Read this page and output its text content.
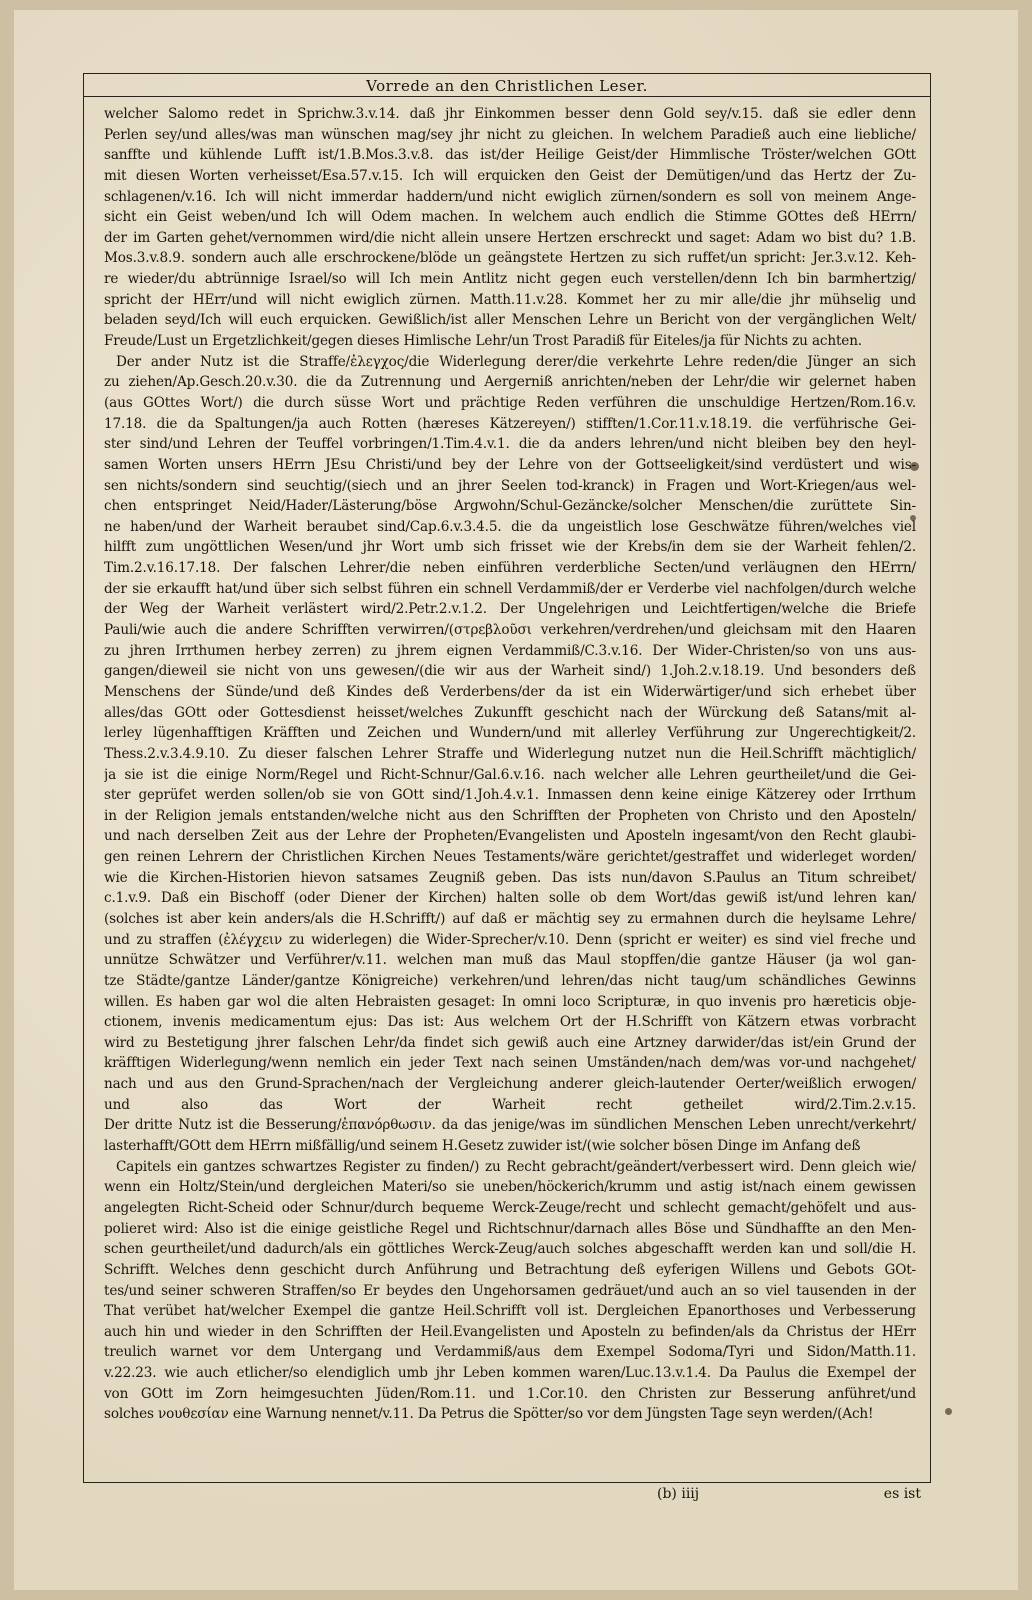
Vorrede an den Christlichen Leser.
welcher Salomo redet in Sprichw.3.v.14. daß jhr Einkommen besser denn Gold sey/v.15. daß sie edler denn
Perlen sey/und alles/was man wünschen mag/sey jhr nicht zu gleichen. In welchem Paradieß auch eine liebliche/
sanffte und kühlende Lufft ist/1.B.Mos.3.v.8. das ist/der Heilige Geist/der Himmlische Tröster/welchen GOtt
mit diesen Worten verheisset/Esa.57.v.15. Ich will erquicken den Geist der Demütigen/und das Hertz der Zu-
schlagenen/v.16. Ich will nicht immerdar haddern/und nicht ewiglich zürnen/sondern es soll von meinem Ange-
sicht ein Geist weben/und Ich will Odem machen. In welchem auch endlich die Stimme GOttes deß HErrn/
der im Garten gehet/vernommen wird/die nicht allein unsere Hertzen erschreckt und saget: Adam wo bist du? 1.B.
Mos.3.v.8.9. sondern auch alle erschrockene/blöde un geängstete Hertzen zu sich ruffet/un spricht: Jer.3.v.12. Keh-
re wieder/du abtrünnige Israel/so will Ich mein Antlitz nicht gegen euch verstellen/denn Ich bin barmhertzig/
spricht der HErr/und will nicht ewiglich zürnen. Matth.11.v.28. Kommet her zu mir alle/die jhr mühselig und
beladen seyd/Ich will euch erquicken. Gewißlich/ist aller Menschen Lehre un Bericht von der vergänglichen Welt/
Freude/Lust un Ergetzlichkeit/gegen dieses Himlische Lehr/un Trost Paradiß für Eiteles/ja für Nichts zu achten.
Der ander Nutz ist die Straffe/ἐλεγχος/die Widerlegung derer/die verkehrte Lehre reden/die Jünger an sich
zu ziehen/Ap.Gesch.20.v.30. die da Zutrennung und Aergerniß anrichten/neben der Lehr/die wir gelernet haben
(aus GOttes Wort/) die durch süsse Wort und prächtige Reden verführen die unschuldige Hertzen/Rom.16.v.
17.18. die da Spaltungen/ja auch Rotten (hæreses Kätzereyen/) stifften/1.Cor.11.v.18.19. die verführische Gei-
ster sind/und Lehren der Teuffel vorbringen/1.Tim.4.v.1. die da anders lehren/und nicht bleiben bey den heyl-
samen Worten unsers HErrn JEsu Christi/und bey der Lehre von der Gottseeligkeit/sind verdüstert und wis-
sen nichts/sondern sind seuchtig/(siech und an jhrer Seelen tod-kranck) in Fragen und Wort-Kriegen/aus wel-
chen entspringet Neid/Hader/Lästerung/böse Argwohn/Schul-Gezäncke/solcher Menschen/die zurüttete Sin-
ne haben/und der Warheit beraubet sind/Cap.6.v.3.4.5. die da ungeistlich lose Geschwätze führen/welches viel
hilfft zum ungöttlichen Wesen/und jhr Wort umb sich frisset wie der Krebs/in dem sie der Warheit fehlen/2.
Tim.2.v.16.17.18. Der falschen Lehrer/die neben einführen verderbliche Secten/und verläugnen den HErrn/
der sie erkaufft hat/und über sich selbst führen ein schnell Verdammiß/der er Verderbe viel nachfolgen/durch welche
der Weg der Warheit verlästert wird/2.Petr.2.v.1.2. Der Ungelehrigen und Leichtfertigen/welche die Briefe
Pauli/wie auch die andere Schrifften verwirren/(στρεβλοῦσι verkehren/verdrehen/und gleichsam mit den Haaren
zu jhren Irrthumen herbey zerren) zu jhrem eignen Verdammiß/C.3.v.16. Der Wider-Christen/so von uns aus-
gangen/dieweil sie nicht von uns gewesen/(die wir aus der Warheit sind/) 1.Joh.2.v.18.19. Und besonders deß
Menschens der Sünde/und deß Kindes deß Verderbens/der da ist ein Widerwärtiger/und sich erhebet über
alles/das GOtt oder Gottesdienst heisset/welches Zukunfft geschicht nach der Würckung deß Satans/mit al-
lerley lügenhafftigen Kräfften und Zeichen und Wundern/und mit allerley Verführung zur Ungerechtigkeit/2.
Thess.2.v.3.4.9.10. Zu dieser falschen Lehrer Straffe und Widerlegung nutzet nun die Heil.Schrifft mächtiglich/
ja sie ist die einige Norm/Regel und Richt-Schnur/Gal.6.v.16. nach welcher alle Lehren geurtheilet/und die Gei-
ster geprüfet werden sollen/ob sie von GOtt sind/1.Joh.4.v.1. Inmassen denn keine einige Kätzerey oder Irrthum
in der Religion jemals entstanden/welche nicht aus den Schrifften der Propheten von Christo und den Aposteln/
und nach derselben Zeit aus der Lehre der Propheten/Evangelisten und Aposteln ingesamt/von den Recht glaubi-
gen reinen Lehrern der Christlichen Kirchen Neues Testaments/wäre gerichtet/gestraffet und widerleget worden/
wie die Kirchen-Historien hievon satsames Zeugniß geben. Das ists nun/davon S.Paulus an Titum schreibet/
c.1.v.9. Daß ein Bischoff (oder Diener der Kirchen) halten solle ob dem Wort/das gewiß ist/und lehren kan/
(solches ist aber kein anders/als die H.Schrifft/) auf daß er mächtig sey zu ermahnen durch die heylsame Lehre/
und zu straffen (ἐλέγχειν zu widerlegen) die Wider-Sprecher/v.10. Denn (spricht er weiter) es sind viel freche und
unnütze Schwätzer und Verführer/v.11. welchen man muß das Maul stopffen/die gantze Häuser (ja wol gan-
tze Städte/gantze Länder/gantze Königreiche) verkehren/und lehren/das nicht taug/um schändliches Gewinns
willen. Es haben gar wol die alten Hebraisten gesaget: In omni loco Scripturæ, in quo invenis pro hæreticis obje-
ctionem, invenis medicamentum ejus: Das ist: Aus welchem Ort der H.Schrifft von Kätzern etwas vorbracht
wird zu Bestetigung jhrer falschen Lehr/da findet sich gewiß auch eine Artzney darwider/das ist/ein Grund der
kräfftigen Widerlegung/wenn nemlich ein jeder Text nach seinen Umständen/nach dem/was vor-und nachgehet/
nach und aus den Grund-Sprachen/nach der Vergleichung anderer gleich-lautender Oerter/weißlich erwogen/
und also das Wort der Warheit recht getheilet wird/2.Tim.2.v.15.
Der dritte Nutz ist die Besserung/ἐπανόρθωσιν. da das jenige/was im sündlichen Menschen Leben unrecht/verkehrt/
lasterhafft/GOtt dem HErrn mißfällig/und seinem H.Gesetz zuwider ist/(wie solcher bösen Dinge im Anfang deß
Capitels ein gantzes schwartzes Register zu finden/) zu Recht gebracht/geändert/verbessert wird. Denn gleich wie/
wenn ein Holtz/Stein/und dergleichen Materi/so sie uneben/höckerich/krumm und astig ist/nach einem gewissen
angelegten Richt-Scheid oder Schnur/durch bequeme Werck-Zeuge/recht und schlecht gemacht/gehöfelt und aus-
polieret wird: Also ist die einige geistliche Regel und Richtschnur/darnach alles Böse und Sündhaffte an den Men-
schen geurtheilet/und dadurch/als ein göttliches Werck-Zeug/auch solches abgeschafft werden kan und soll/die H.
Schrifft. Welches denn geschicht durch Anführung und Betrachtung deß eyferigen Willens und Gebots GOt-
tes/und seiner schweren Straffen/so Er beydes den Ungehorsamen gedräuet/und auch an so viel tausenden in der
That verübet hat/welcher Exempel die gantze Heil.Schrifft voll ist. Dergleichen Epanorthoses und Verbesserung
auch hin und wieder in den Schrifften der Heil.Evangelisten und Aposteln zu befinden/als da Christus der HErr
treulich warnet vor dem Untergang und Verdammiß/aus dem Exempel Sodoma/Tyri und Sidon/Matth.11.
v.22.23. wie auch etlicher/so elendiglich umb jhr Leben kommen waren/Luc.13.v.1.4. Da Paulus die Exempel der
von GOtt im Zorn heimgesuchten Jüden/Rom.11. und 1.Cor.10. den Christen zur Besserung anführet/und
solches νουθεσίαν eine Warnung nennet/v.11. Da Petrus die Spötter/so vor dem Jüngsten Tage seyn werden/(Ach!
(b) iiij	es ist
